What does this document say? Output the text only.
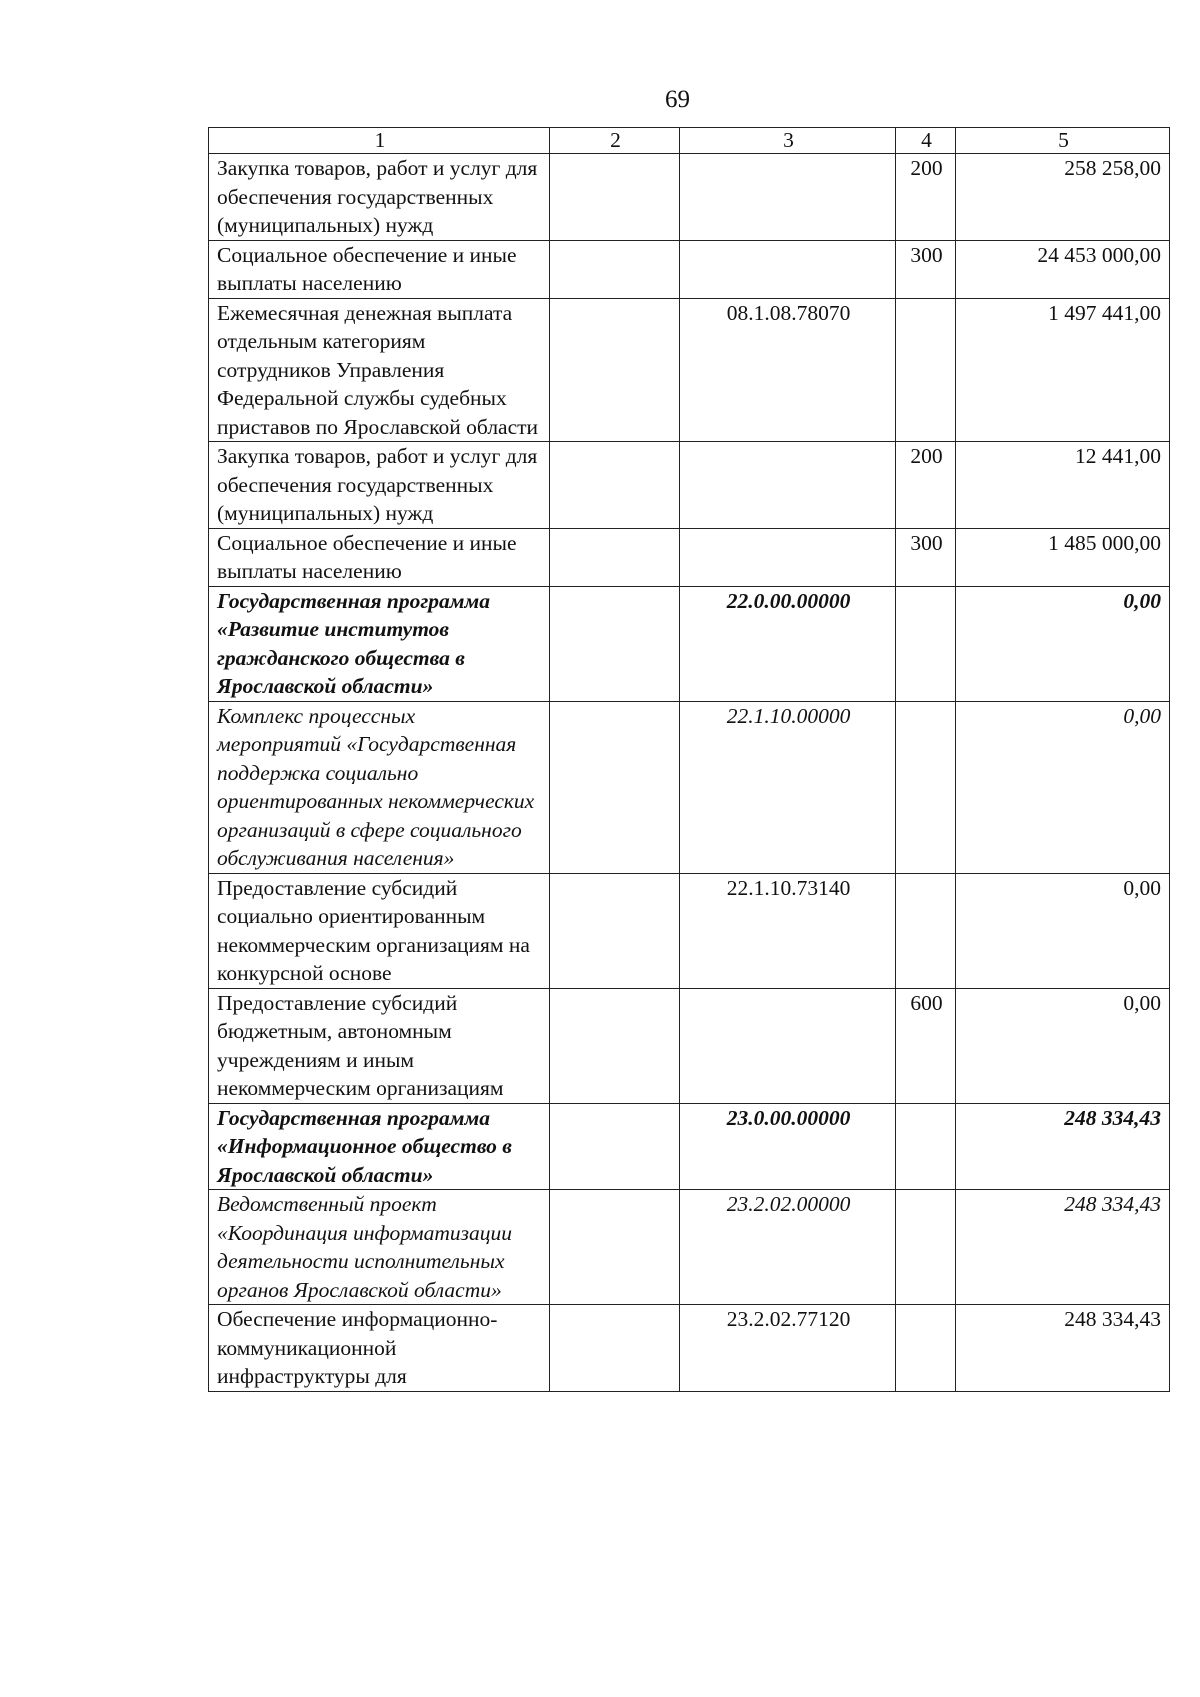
69
1	2	3	4	5
Закупка товаров, работ и услуг для обеспечения государственных (муниципальных) нужд			200	258 258,00
Социальное обеспечение и иные выплаты населению			300	24 453 000,00
Ежемесячная денежная выплата отдельным категориям сотрудников Управления Федеральной службы судебных приставов по Ярославской области		08.1.08.78070		1 497 441,00
Закупка товаров, работ и услуг для обеспечения государственных (муниципальных) нужд			200	12 441,00
Социальное обеспечение и иные выплаты населению			300	1 485 000,00
Государственная программа «Развитие институтов гражданского общества в Ярославской области»		22.0.00.00000		0,00
Комплекс процессных мероприятий «Государственная поддержка социально ориентированных некоммерческих организаций в сфере социального обслуживания населения»		22.1.10.00000		0,00
Предоставление субсидий социально ориентированным некоммерческим организациям на конкурсной основе		22.1.10.73140		0,00
Предоставление субсидий бюджетным, автономным учреждениям и иным некоммерческим организациям			600	0,00
Государственная программа «Информационное общество в Ярославской области»		23.0.00.00000		248 334,43
Ведомственный проект «Координация информатизации деятельности исполнительных органов Ярославской области»		23.2.02.00000		248 334,43
Обеспечение информационно-коммуникационной инфраструктуры для		23.2.02.77120		248 334,43
